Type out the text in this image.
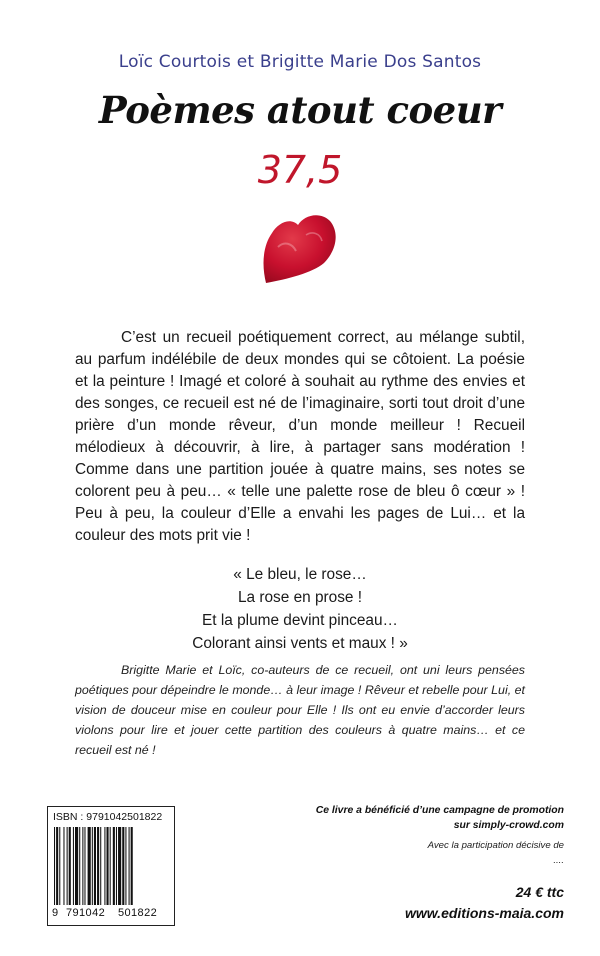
Loïc Courtois et Brigitte Marie Dos Santos
Poèmes atout coeur
37,5

C’est un recueil poétiquement correct, au mélange subtil, au parfum indélébile de deux mondes qui se côtoient. La poésie et la peinture ! Imagé et coloré à souhait au rythme des envies et des songes, ce recueil est né de l’imaginaire, sorti tout droit d’une prière d’un monde rêveur, d’un monde meilleur ! Recueil mélodieux à découvrir, à lire, à partager sans modération ! Comme dans une partition jouée à quatre mains, ses notes se colorent peu à peu… « telle une palette rose de bleu ô cœur » ! Peu à peu, la couleur d’Elle a envahi les pages de Lui… et la couleur des mots prit vie !

« Le bleu, le rose…
La rose en prose !
Et la plume devint pinceau…
Colorant ainsi vents et maux ! »

Brigitte Marie et Loïc, co-auteurs de ce recueil, ont uni leurs pensées poétiques pour dépeindre le monde… à leur image ! Rêveur et rebelle pour Lui, et vision de douceur mise en couleur pour Elle ! Ils ont eu envie d’accorder leurs violons pour lire et jouer cette partition des couleurs à quatre mains… et ce recueil est né !

ISBN : 9791042501822
9 791042 501822
Ce livre a bénéficié d’une campagne de promotion
sur simply-crowd.com
Avec la participation décisive de
....
24 € ttc
www.editions-maia.com
